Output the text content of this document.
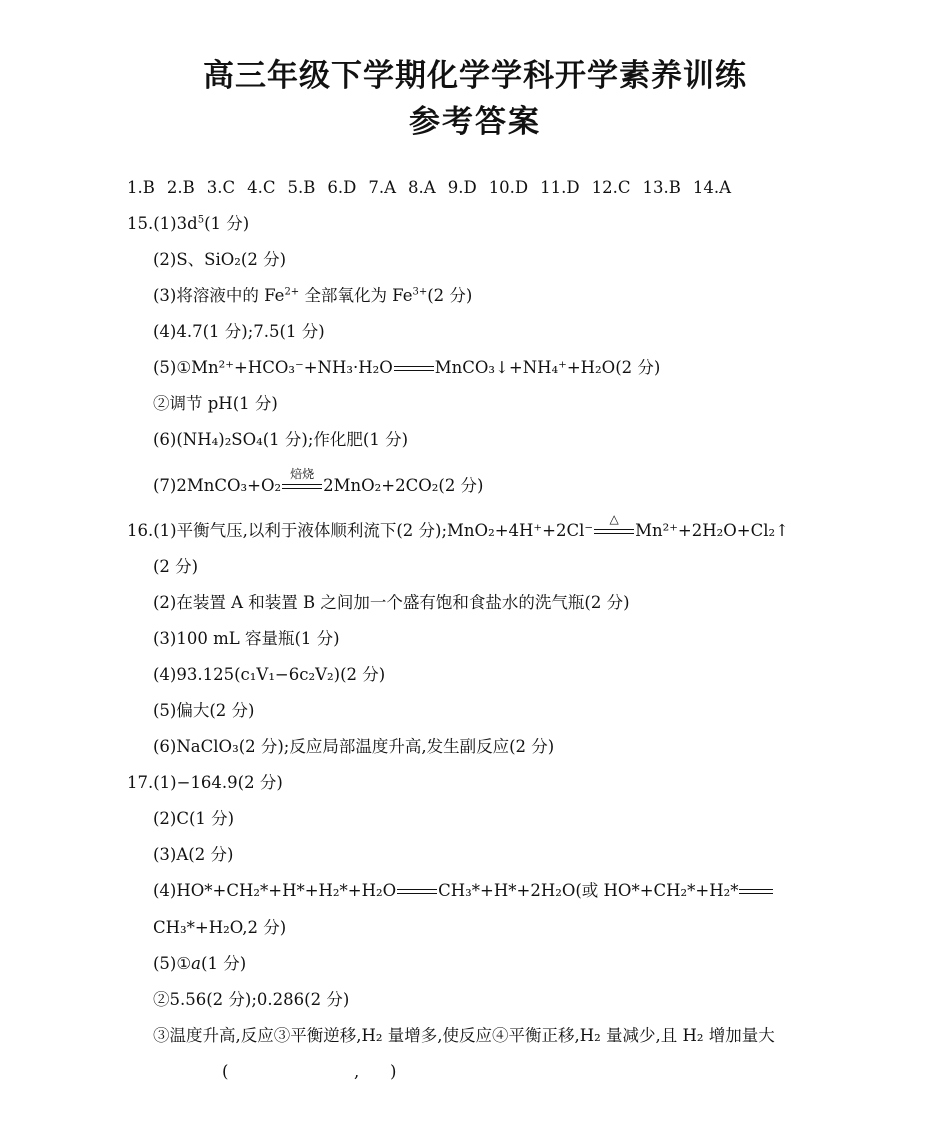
高三年级下学期化学学科开学素养训练
参考答案
1.B 2.B 3.C 4.C 5.B 6.D 7.A 8.A 9.D 10.D 11.D 12.C 13.B 14.A
$15.(1)3d^5(1$ 分)
(2)S、SiO₂(2 分)
(3)将溶液中的 $Fe^{2+}$ 全部氧化为 $Fe^{3+}(2$ 分)
(4)4.7(1 分);7.5(1 分)
(5)①Mn²⁺+HCO₃⁻+NH₃·H₂O	MnCO₃↓+NH₄⁺+H₂O(2 分)
②调节 pH(1 分)
(6)(NH₄)₂SO₄(1 分);作化肥(1 分)
(7)2MnCO₃+O₂
焙烧
2MnO₂+2CO₂(2 分)
16.(1)平衡气压,以利于液体顺利流下(2 分);MnO₂+4H⁺+2Cl⁻
△
Mn²⁺+2H₂O+Cl₂↑
(2 分)
(2)在装置 A 和装置 B 之间加一个盛有饱和食盐水的洗气瓶(2 分)
(3)100 mL 容量瓶(1 分)
(4)93.125(c₁V₁−6c₂V₂)(2 分)
(5)偏大(2 分)
(6)NaClO₃(2 分);反应局部温度升高,发生副反应(2 分)
17.(1)−164.9(2 分)
(2)C(1 分)
(3)A(2 分)
(4)HO*+CH₂*+H*+H₂*+H₂O	CH₃*+H*+2H₂O(或 HO*+CH₂*+H₂*
CH₃*+H₂O,2 分)
(5)①a(1 分)
②5.56(2 分);0.286(2 分)
③温度升高,反应③平衡逆移,H₂ 量增多,使反应④平衡正移,H₂ 量减少,且 H₂ 增加量大
(	, )
